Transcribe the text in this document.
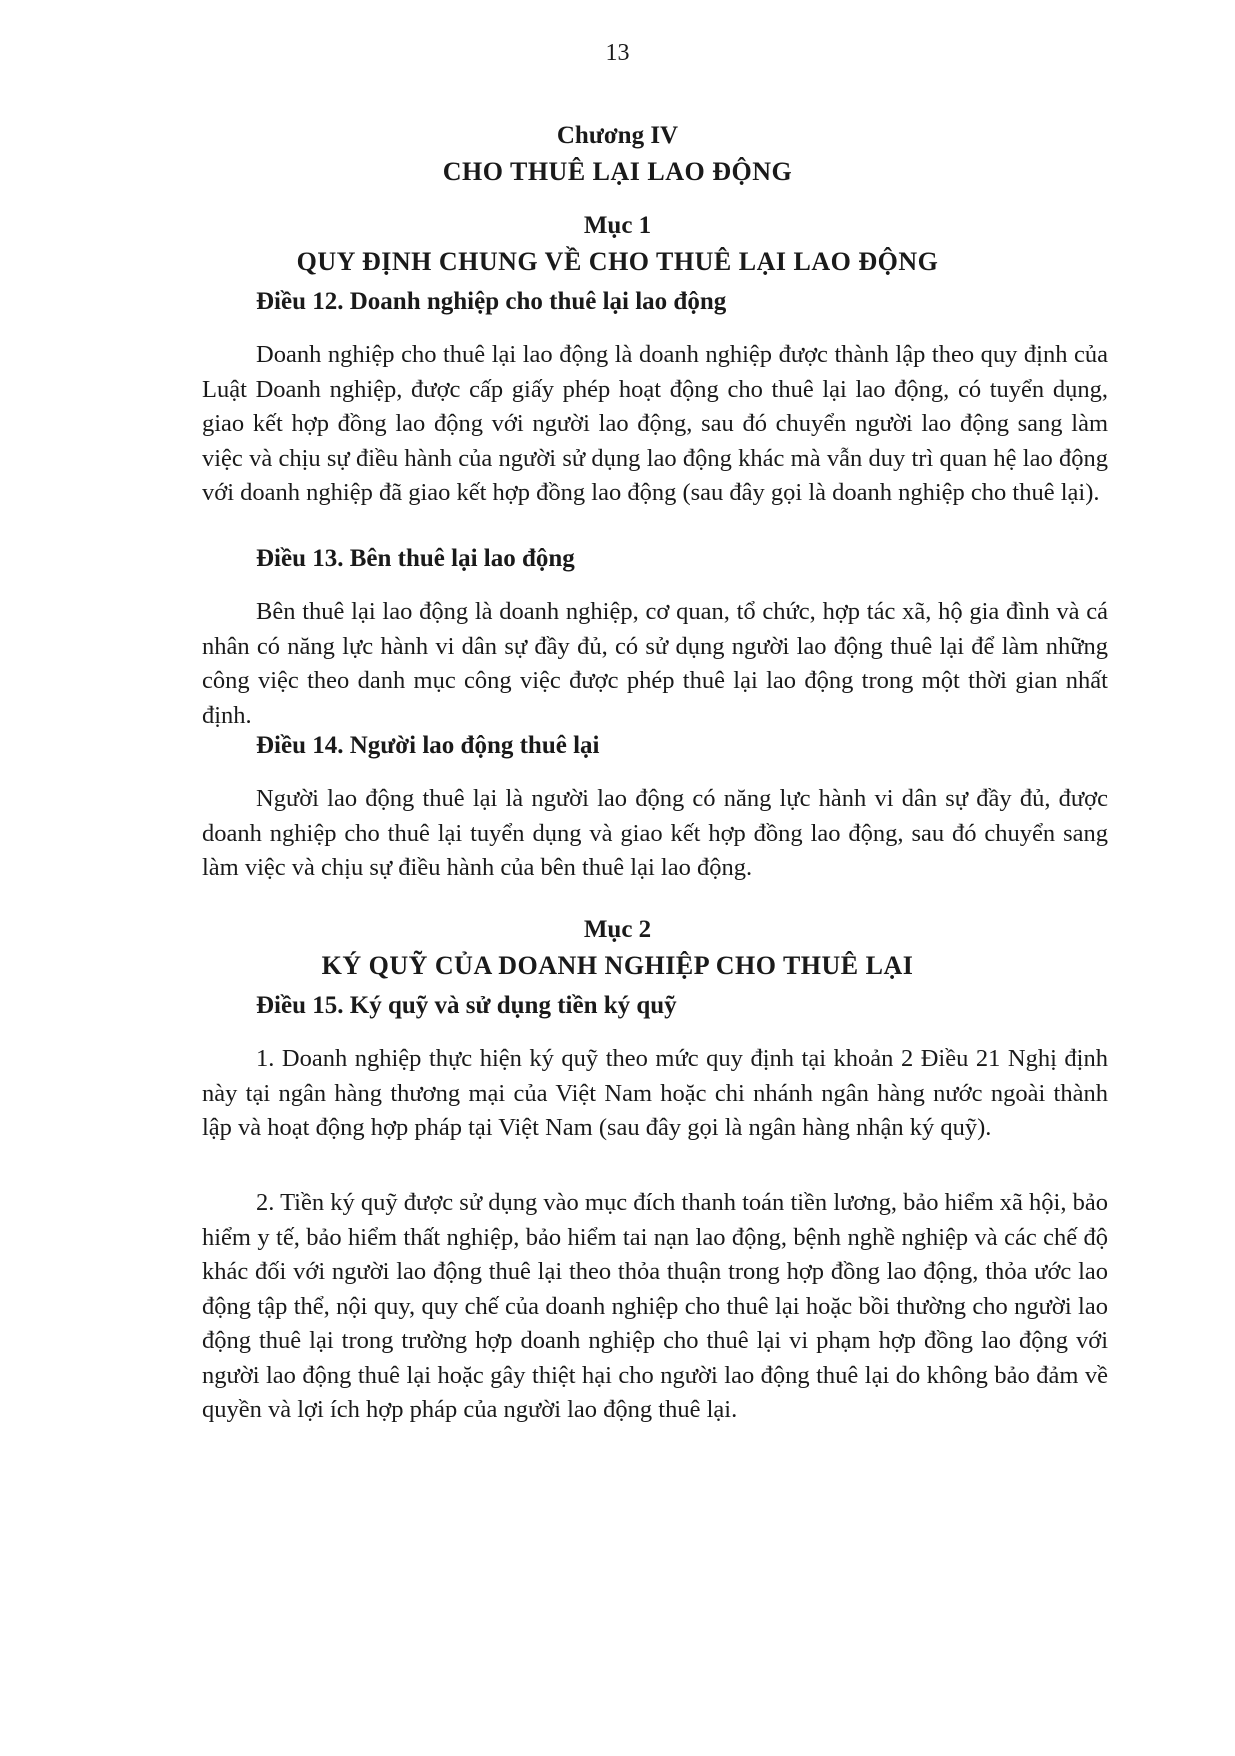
13
Chương IV
CHO THUÊ LẠI LAO ĐỘNG
Mục 1
QUY ĐỊNH CHUNG VỀ CHO THUÊ LẠI LAO ĐỘNG
Điều 12. Doanh nghiệp cho thuê lại lao động

Doanh nghiệp cho thuê lại lao động là doanh nghiệp được thành lập theo quy định của Luật Doanh nghiệp, được cấp giấy phép hoạt động cho thuê lại lao động, có tuyển dụng, giao kết hợp đồng lao động với người lao động, sau đó chuyển người lao động sang làm việc và chịu sự điều hành của người sử dụng lao động khác mà vẫn duy trì quan hệ lao động với doanh nghiệp đã giao kết hợp đồng lao động (sau đây gọi là doanh nghiệp cho thuê lại).

Điều 13. Bên thuê lại lao động

Bên thuê lại lao động là doanh nghiệp, cơ quan, tổ chức, hợp tác xã, hộ gia đình và cá nhân có năng lực hành vi dân sự đầy đủ, có sử dụng người lao động thuê lại để làm những công việc theo danh mục công việc được phép thuê lại lao động trong một thời gian nhất định.

Điều 14. Người lao động thuê lại

Người lao động thuê lại là người lao động có năng lực hành vi dân sự đầy đủ, được doanh nghiệp cho thuê lại tuyển dụng và giao kết hợp đồng lao động, sau đó chuyển sang làm việc và chịu sự điều hành của bên thuê lại lao động.

Mục 2
KÝ QUỸ CỦA DOANH NGHIỆP CHO THUÊ LẠI
Điều 15. Ký quỹ và sử dụng tiền ký quỹ

1. Doanh nghiệp thực hiện ký quỹ theo mức quy định tại khoản 2 Điều 21 Nghị định này tại ngân hàng thương mại của Việt Nam hoặc chi nhánh ngân hàng nước ngoài thành lập và hoạt động hợp pháp tại Việt Nam (sau đây gọi là ngân hàng nhận ký quỹ).

2. Tiền ký quỹ được sử dụng vào mục đích thanh toán tiền lương, bảo hiểm xã hội, bảo hiểm y tế, bảo hiểm thất nghiệp, bảo hiểm tai nạn lao động, bệnh nghề nghiệp và các chế độ khác đối với người lao động thuê lại theo thỏa thuận trong hợp đồng lao động, thỏa ước lao động tập thể, nội quy, quy chế của doanh nghiệp cho thuê lại hoặc bồi thường cho người lao động thuê lại trong trường hợp doanh nghiệp cho thuê lại vi phạm hợp đồng lao động với người lao động thuê lại hoặc gây thiệt hại cho người lao động thuê lại do không bảo đảm về quyền và lợi ích hợp pháp của người lao động thuê lại.
